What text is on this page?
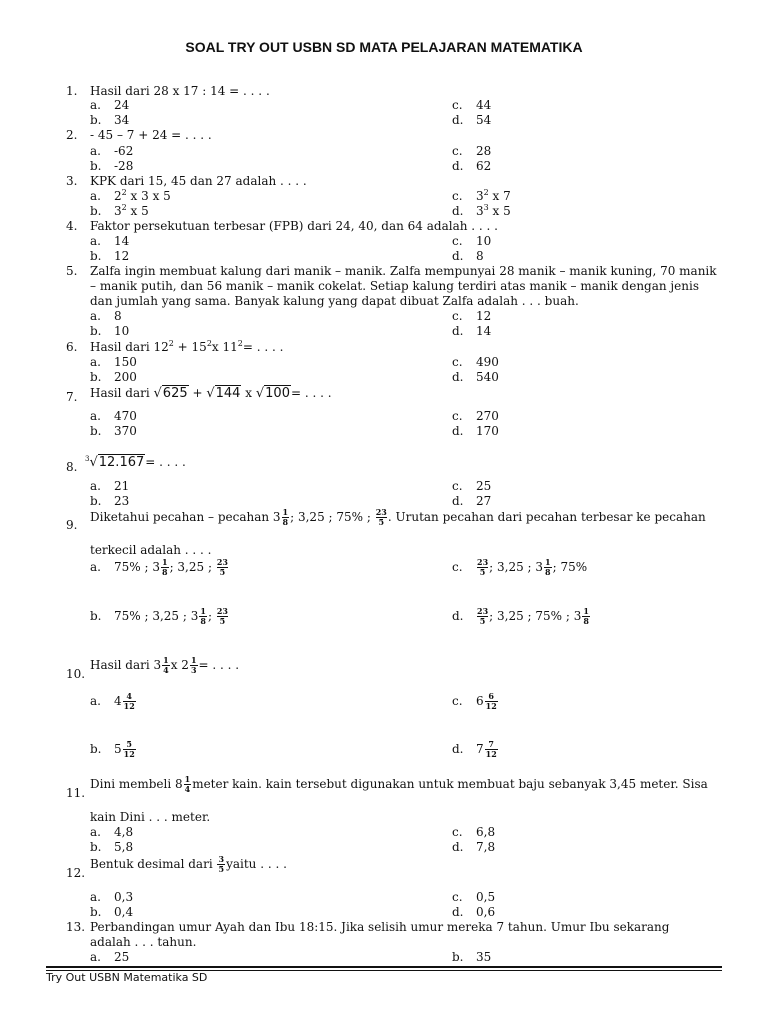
SOAL TRY OUT USBN SD MATA PELAJARAN MATEMATIKA
1.	Hasil dari 28 x 17 : 14 = . . . .
a. 24	c. 44
b. 34	d. 54
2.	- 45 – 7 + 24 = . . . .
a. -62	c. 28
b. -28	d. 62
3.	KPK dari 15, 45 dan 27 adalah . . . .
a. $2^2$ x 3 x 5	c. $3^2$ x 7
b. $3^2$ x 5	d. $3^3$ x 5
4.	Faktor persekutuan terbesar (FPB) dari 24, 40, dan 64 adalah . . . .
a. 14	c. 10
b. 12	d. 8
5.	Zalfa ingin membuat kalung dari manik – manik. Zalfa mempunyai 28 manik – manik kuning, 70 manik – manik putih, dan 56 manik – manik cokelat. Setiap kalung terdiri atas manik – manik dengan jenis dan jumlah yang sama. Banyak kalung yang dapat dibuat Zalfa adalah . . . buah.
a. 8	c. 12
b. 10	d. 14
6.	Hasil dari $12^2 + 15^2x$ $11^2=$ . . . .
a. 150	c. 490
b. 200	d. 540
7.	Hasil dari √625 + √144 x √100= . . . .
a. 470	c. 270
b. 370	d. 170
8.
$^3$√12.167= . . . .
a. 21	c. 25
b. 23	d. 27
9.
Diketahui pecahan – pecahan $3 \frac{1}{8}$ ; 3,25 ; 75% ; $\frac{23}{5}$ . Urutan pecahan dari pecahan terbesar ke pecahan
terkecil adalah . . . .
a. 75% ; $3 \frac{1}{8}$ ; 3,25 ; $\frac{23}{5}$	c. $\frac{23}{5}$ ; 3,25 ; $3 \frac{1}{8}$ ; 75%
b. 75% ; 3,25 ; $3 \frac{1}{8}$ ; $\frac{23}{5}$	d. $\frac{23}{5}$ ; 3,25 ; 75% ; $3 \frac{1}{8}$
10.
Hasil dari $3 \frac{1}{4}$ x $2 \frac{1}{3}$ = . . . .
a. $4 \frac{4}{12}$	c. $6 \frac{6}{12}$
b. $5 \frac{5}{12}$	d. $7 \frac{7}{12}$
11.
Dini membeli $8 \frac{1}{4}$ meter kain. kain tersebut digunakan untuk membuat baju sebanyak 3,45 meter. Sisa
kain Dini . . . meter.
a. 4,8	c. 6,8
b. 5,8	d. 7,8
12.
Bentuk desimal dari $\frac{3}{5}$ yaitu . . . .
a. 0,3	c. 0,5
b. 0,4	d. 0,6
13. Perbandingan umur Ayah dan Ibu 18:15. Jika selisih umur mereka 7 tahun. Umur Ibu sekarang
adalah . . . tahun.
a. 25	b. 35
Try Out USBN Matematika SD
